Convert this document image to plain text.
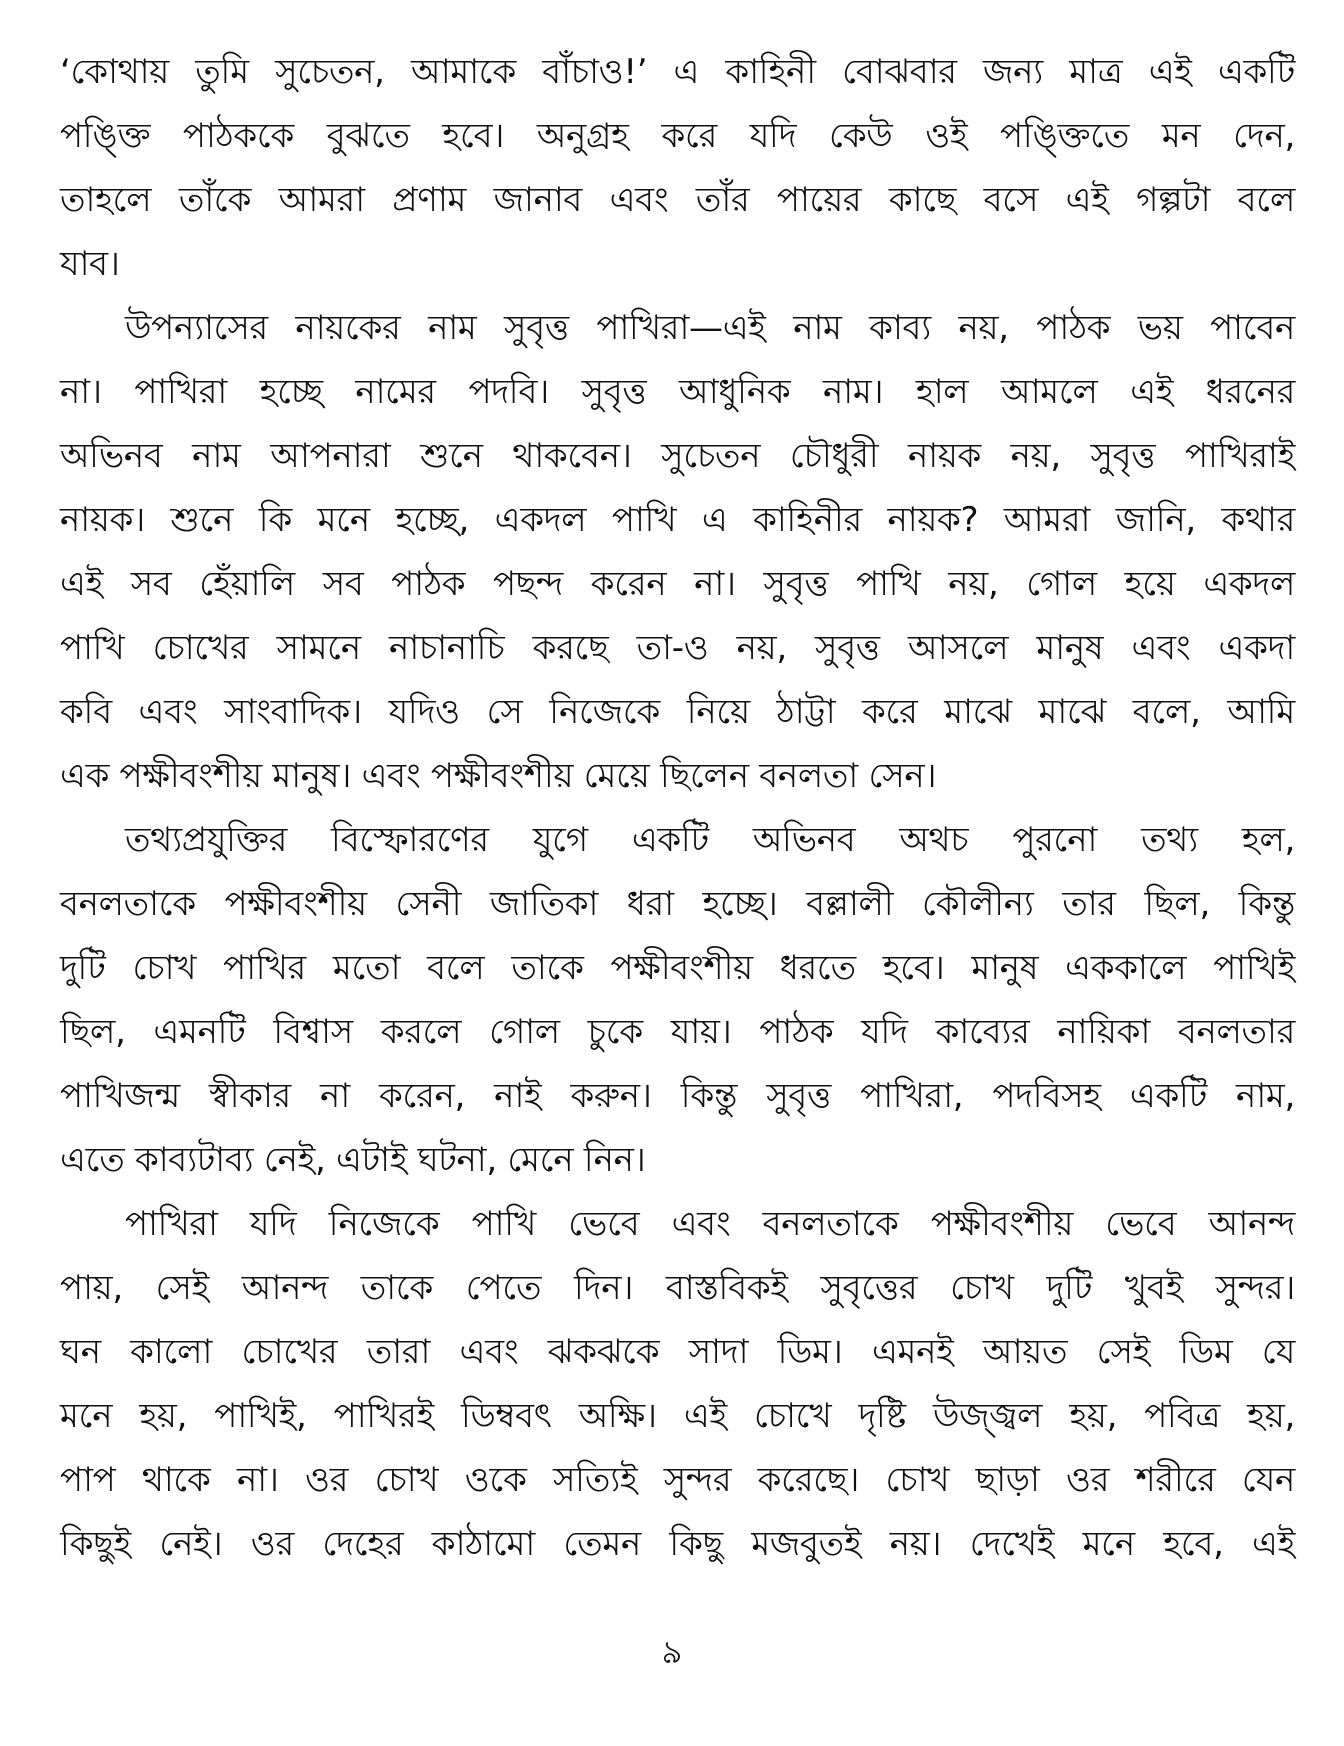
‘কোথায় তুমি সুচেতন, আমাকে বাঁচাও!’ এ কাহিনী বোঝবার জন্য মাত্র এই একটি
পঙ্ক্তি পাঠককে বুঝতে হবে। অনুগ্রহ করে যদি কেউ ওই পঙ্ক্তিতে মন দেন,
তাহলে তাঁকে আমরা প্রণাম জানাব এবং তাঁর পায়ের কাছে বসে এই গল্পটা বলে
যাব।
উপন্যাসের নায়কের নাম সুবৃত্ত পাখিরা—এই নাম কাব্য নয়, পাঠক ভয় পাবেন
না। পাখিরা হচ্ছে নামের পদবি। সুবৃত্ত আধুনিক নাম। হাল আমলে এই ধরনের
অভিনব নাম আপনারা শুনে থাকবেন। সুচেতন চৌধুরী নায়ক নয়, সুবৃত্ত পাখিরাই
নায়ক। শুনে কি মনে হচ্ছে, একদল পাখি এ কাহিনীর নায়ক? আমরা জানি, কথার
এই সব হেঁয়ালি সব পাঠক পছন্দ করেন না। সুবৃত্ত পাখি নয়, গোল হয়ে একদল
পাখি চোখের সামনে নাচানাচি করছে তা-ও নয়, সুবৃত্ত আসলে মানুষ এবং একদা
কবি এবং সাংবাদিক। যদিও সে নিজেকে নিয়ে ঠাট্টা করে মাঝে মাঝে বলে, আমি
এক পক্ষীবংশীয় মানুষ। এবং পক্ষীবংশীয় মেয়ে ছিলেন বনলতা সেন।
তথ্যপ্রযুক্তির বিস্ফোরণের যুগে একটি অভিনব অথচ পুরনো তথ্য হল,
বনলতাকে পক্ষীবংশীয় সেনী জাতিকা ধরা হচ্ছে। বল্লালী কৌলীন্য তার ছিল, কিন্তু
দুটি চোখ পাখির মতো বলে তাকে পক্ষীবংশীয় ধরতে হবে। মানুষ এককালে পাখিই
ছিল, এমনটি বিশ্বাস করলে গোল চুকে যায়। পাঠক যদি কাব্যের নায়িকা বনলতার
পাখিজন্ম স্বীকার না করেন, নাই করুন। কিন্তু সুবৃত্ত পাখিরা, পদবিসহ একটি নাম,
এতে কাব্যটাব্য নেই, এটাই ঘটনা, মেনে নিন।
পাখিরা যদি নিজেকে পাখি ভেবে এবং বনলতাকে পক্ষীবংশীয় ভেবে আনন্দ
পায়, সেই আনন্দ তাকে পেতে দিন। বাস্তবিকই সুবৃত্তের চোখ দুটি খুবই সুন্দর।
ঘন কালো চোখের তারা এবং ঝকঝকে সাদা ডিম। এমনই আয়ত সেই ডিম যে
মনে হয়, পাখিই, পাখিরই ডিম্ববৎ অক্ষি। এই চোখে দৃষ্টি উজ্জ্বল হয়, পবিত্র হয়,
পাপ থাকে না। ওর চোখ ওকে সত্যিই সুন্দর করেছে। চোখ ছাড়া ওর শরীরে যেন
কিছুই নেই। ওর দেহের কাঠামো তেমন কিছু মজবুতই নয়। দেখেই মনে হবে, এই
৯
